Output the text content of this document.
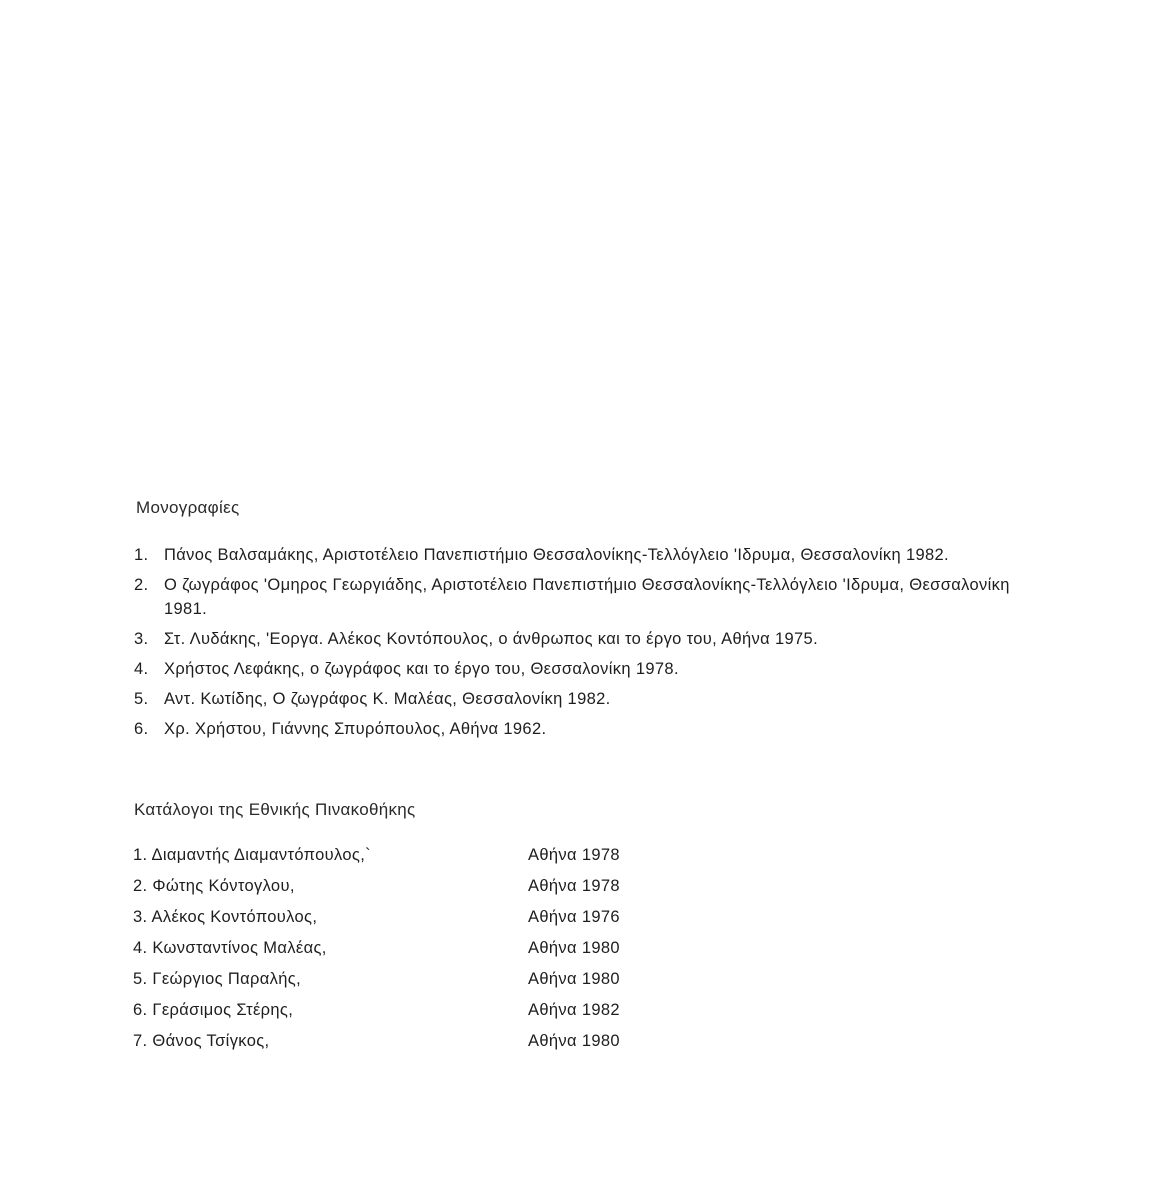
Μονογραφίες
1. Πάνος Βαλσαμάκης, Αριστοτέλειο Πανεπιστήμιο Θεσσαλονίκης-Τελλόγλειο 'Ιδρυμα, Θεσσαλονίκη 1982.
2. Ο ζωγράφος 'Ομηρος Γεωργιάδης, Αριστοτέλειο Πανεπιστήμιο Θεσσαλονίκης-Τελλόγλειο 'Ιδρυμα, Θεσσαλονίκη 1981.
3. Στ. Λυδάκης, 'Εοργα. Αλέκος Κοντόπουλος, ο άνθρωπος και το έργο του, Αθήνα 1975.
4. Χρήστος Λεφάκης, ο ζωγράφος και το έργο του, Θεσσαλονίκη 1978.
5. Αντ. Κωτίδης, Ο ζωγράφος Κ. Μαλέας, Θεσσαλονίκη 1982.
6. Χρ. Χρήστου, Γιάννης Σπυρόπουλος, Αθήνα 1962.
Κατάλογοι της Εθνικής Πινακοθήκης
1. Διαμαντής Διαμαντόπουλος,`	Αθήνα 1978
2. Φώτης Κόντογλου,	Αθήνα 1978
3. Αλέκος Κοντόπουλος,	Αθήνα 1976
4. Κωνσταντίνος Μαλέας,	Αθήνα 1980
5. Γεώργιος Παραλής,	Αθήνα 1980
6. Γεράσιμος Στέρης,	Αθήνα 1982
7. Θάνος Τσίγκος,	Αθήνα 1980
